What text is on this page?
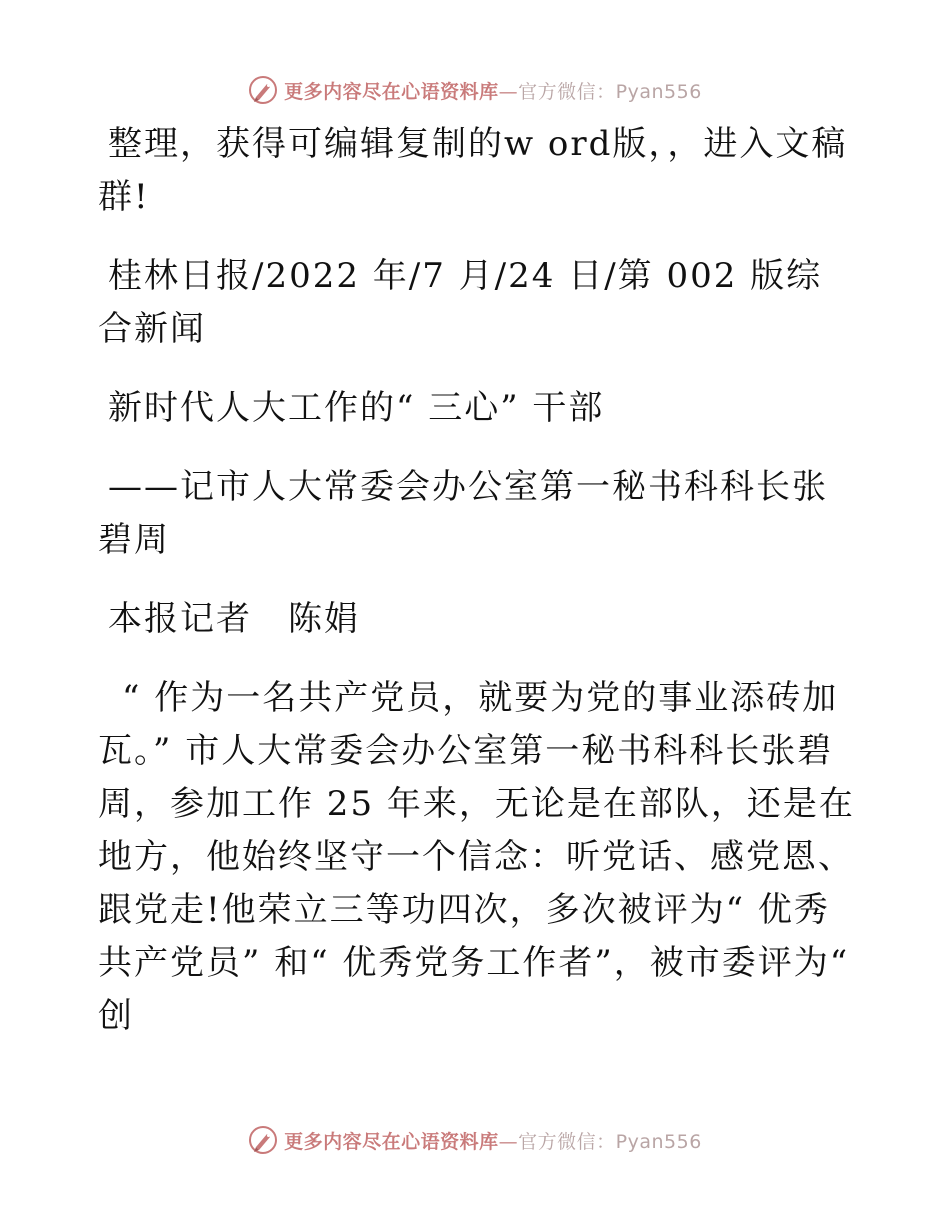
更多内容尽在心语资料库—官方微信：Pyan556

整理，获得可编辑复制的w ord版，，进入文稿群!

桂林日报/2022 年/7 月/24 日/第 002 版综合新闻

新时代人大工作的“ 三心” 干部

——记市人大常委会办公室第一秘书科科长张碧周

本报记者　陈娟

“ 作为一名共产党员，就要为党的事业添砖加瓦。” 市人大常委会办公室第一秘书科科长张碧周，参加工作 25 年来，无论是在部队，还是在地方，他始终坚守一个信念：听党话、感党恩、跟党走!他荣立三等功四次，多次被评为“ 优秀共产党员” 和“ 优秀党务工作者”，被市委评为“ 创

更多内容尽在心语资料库—官方微信：Pyan556
